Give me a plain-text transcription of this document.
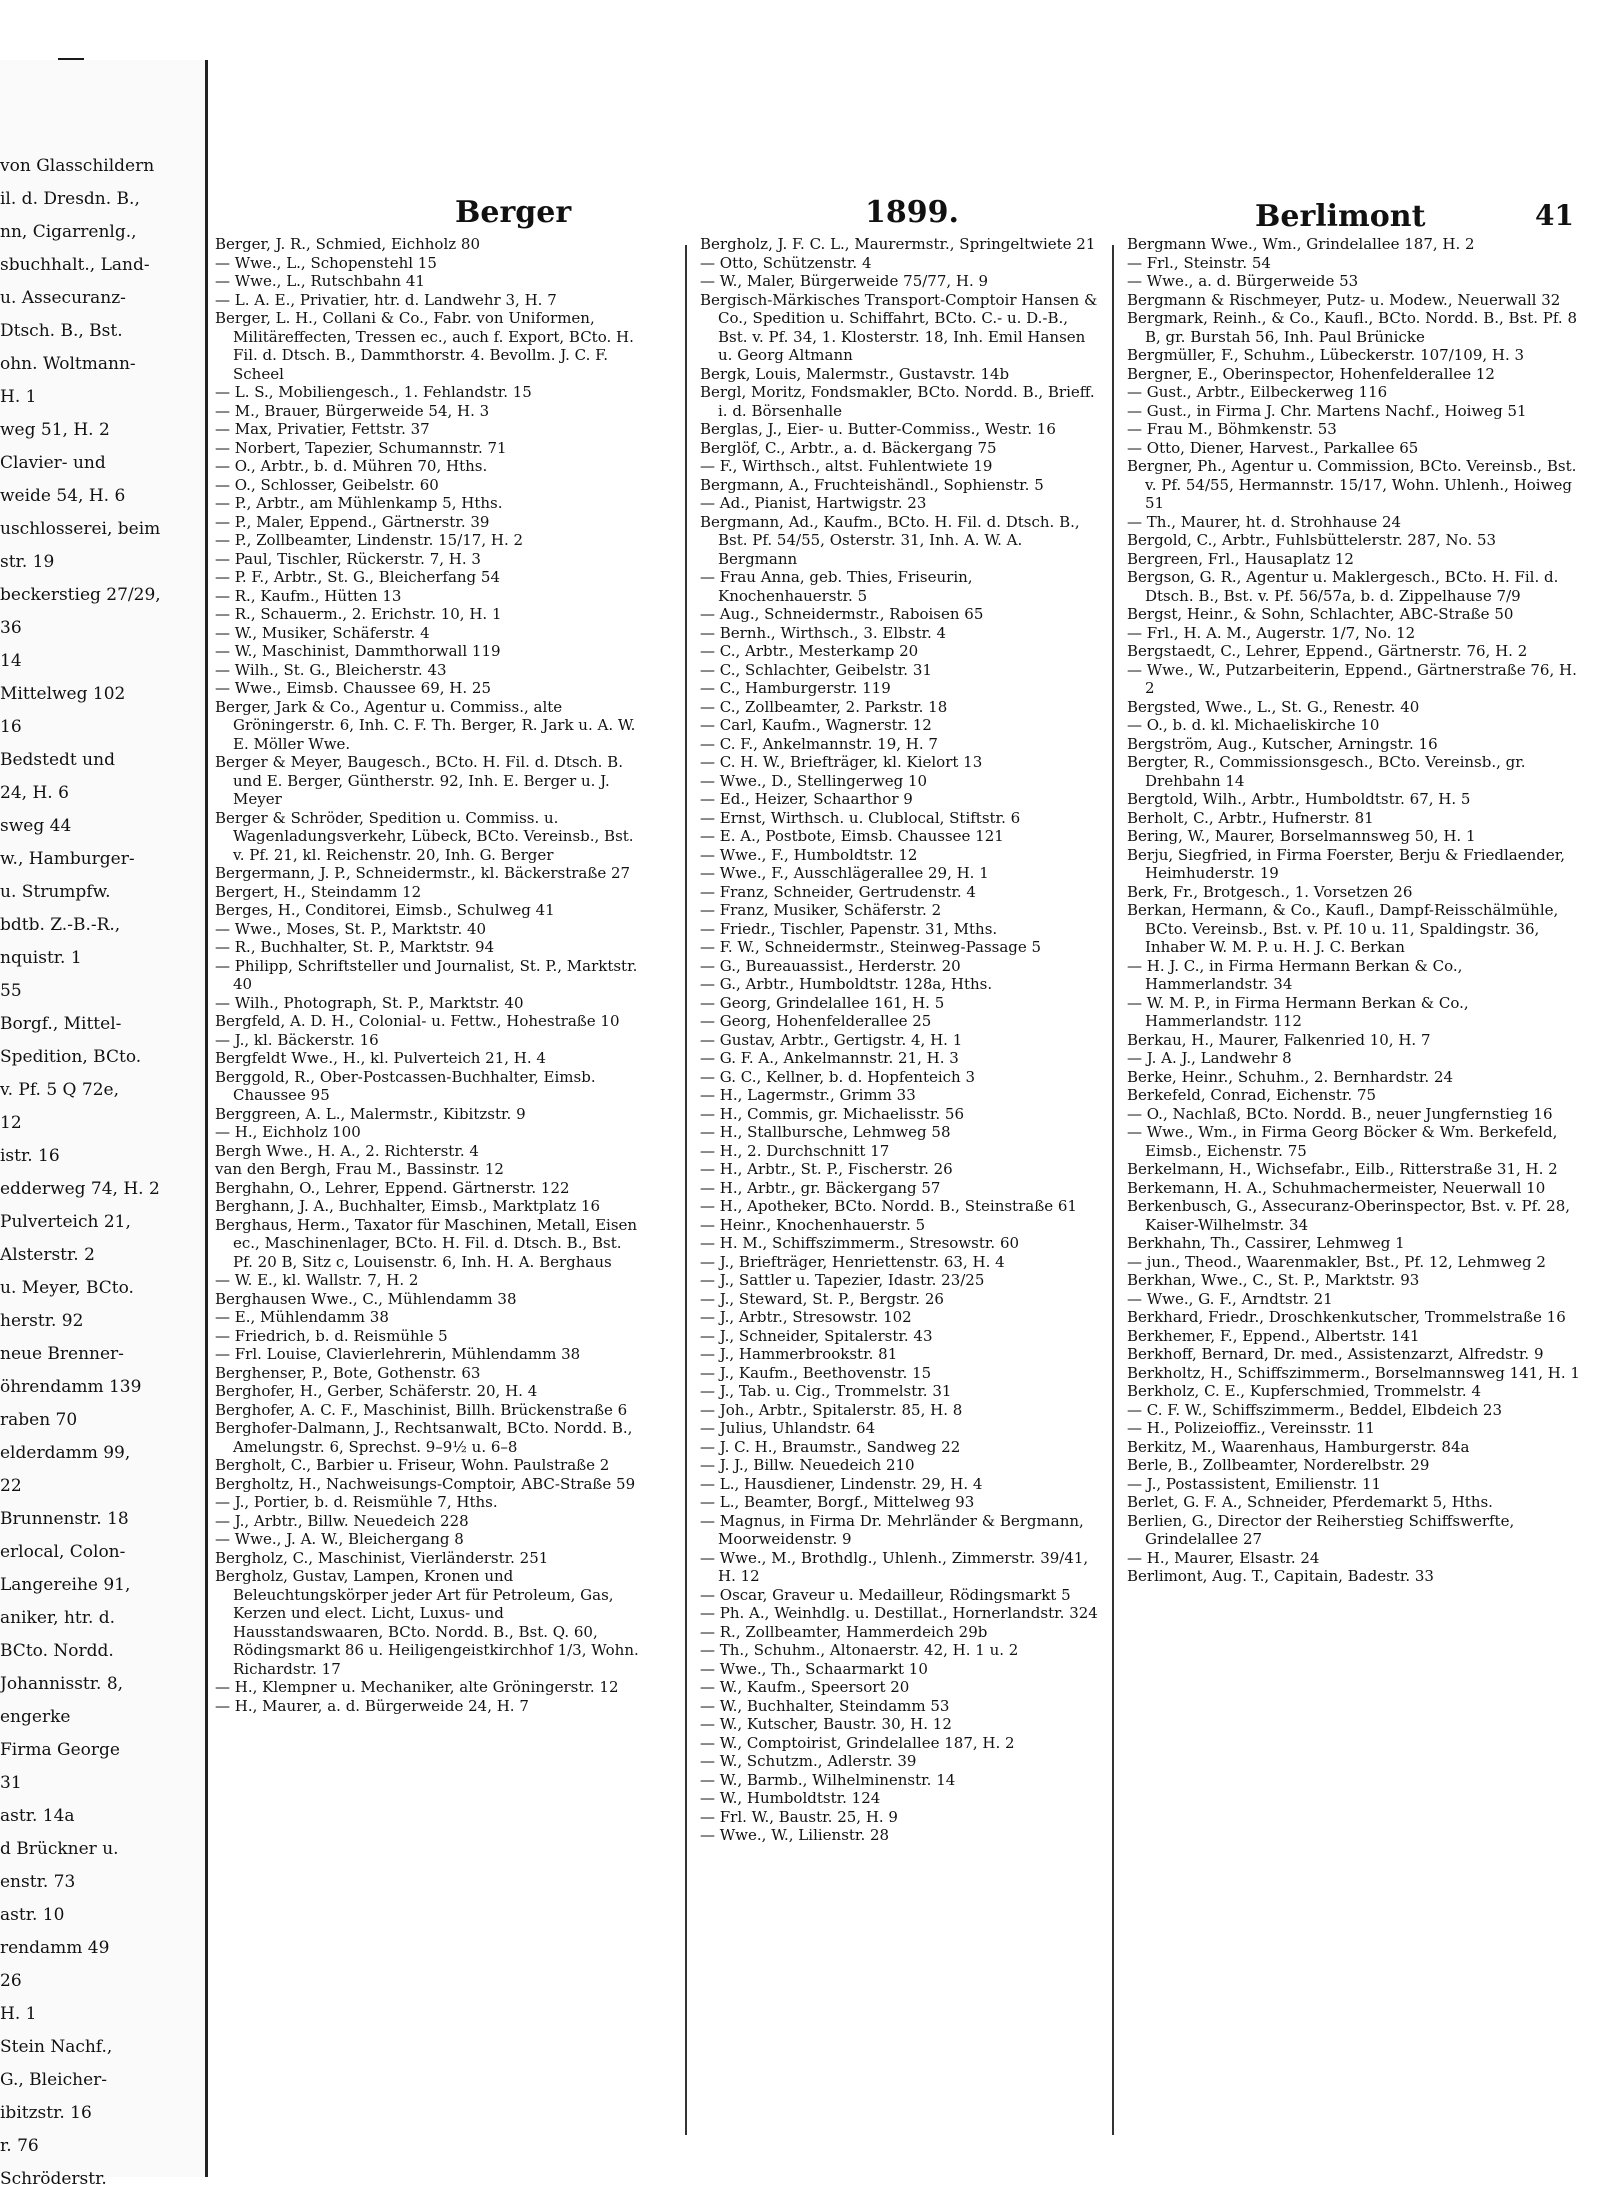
von Glasschildern
il. d. Dresdn. B.,
nn, Cigarrenlg.,
sbuchhalt., Land-
u. Assecuranz-
Dtsch. B., Bst.
ohn. Woltmann-
H. 1
weg 51, H. 2
Clavier- und
weide 54, H. 6
uschlosserei, beim
str. 19
beckerstieg 27/29,
36
14
Mittelweg 102
16
Bedstedt und
24, H. 6
sweg 44
w., Hamburger-
u. Strumpfw.
bdtb. Z.-B.-R.,
nquistr. 1
55
Borgf., Mittel-
Spedition, BCto.
v. Pf. 5 Q 72e,
12
istr. 16
edderweg 74, H. 2
Pulverteich 21,
Alsterstr. 2
u. Meyer, BCto.
herstr. 92
neue Brenner-
öhrendamm 139
raben 70
elderdamm 99,
22
Brunnenstr. 18
erlocal, Colon-
Langereihe 91,
aniker, htr. d.
BCto. Nordd.
Johannisstr. 8,
engerke
Firma George
31
astr. 14a
d Brückner u.
enstr. 73
astr. 10
rendamm 49
26
H. 1
Stein Nachf.,
G., Bleicher-
ibitzstr. 16
r. 76
Schröderstr.
Berger	1899.	Berlimont	41

Berger, J. R., Schmied, Eichholz 80

— Wwe., L., Schopenstehl 15

— Wwe., L., Rutschbahn 41

— L. A. E., Privatier, htr. d. Landwehr 3, H. 7

Berger, L. H., Collani & Co., Fabr. von Uniformen, Militäreffecten, Tressen ec., auch f. Export, BCto. H. Fil. d. Dtsch. B., Dammthorstr. 4. Bevollm. J. C. F. Scheel

— L. S., Mobiliengesch., 1. Fehlandstr. 15

— M., Brauer, Bürgerweide 54, H. 3

— Max, Privatier, Fettstr. 37

— Norbert, Tapezier, Schumannstr. 71

— O., Arbtr., b. d. Mühren 70, Hths.

— O., Schlosser, Geibelstr. 60

— P., Arbtr., am Mühlenkamp 5, Hths.

— P., Maler, Eppend., Gärtnerstr. 39

— P., Zollbeamter, Lindenstr. 15/17, H. 2

— Paul, Tischler, Rückerstr. 7, H. 3

— P. F., Arbtr., St. G., Bleicherfang 54

— R., Kaufm., Hütten 13

— R., Schauerm., 2. Erichstr. 10, H. 1

— W., Musiker, Schäferstr. 4

— W., Maschinist, Dammthorwall 119

— Wilh., St. G., Bleicherstr. 43

— Wwe., Eimsb. Chaussee 69, H. 25

Berger, Jark & Co., Agentur u. Commiss., alte Gröningerstr. 6, Inh. C. F. Th. Berger, R. Jark u. A. W. E. Möller Wwe.

Berger & Meyer, Baugesch., BCto. H. Fil. d. Dtsch. B. und E. Berger, Güntherstr. 92, Inh. E. Berger u. J. Meyer

Berger & Schröder, Spedition u. Commiss. u. Wagenladungsverkehr, Lübeck, BCto. Vereinsb., Bst. v. Pf. 21, kl. Reichenstr. 20, Inh. G. Berger

Bergermann, J. P., Schneidermstr., kl. Bäckerstraße 27

Bergert, H., Steindamm 12

Berges, H., Conditorei, Eimsb., Schulweg 41

— Wwe., Moses, St. P., Marktstr. 40

— R., Buchhalter, St. P., Marktstr. 94

— Philipp, Schriftsteller und Journalist, St. P., Marktstr. 40

— Wilh., Photograph, St. P., Marktstr. 40

Bergfeld, A. D. H., Colonial- u. Fettw., Hohestraße 10

— J., kl. Bäckerstr. 16

Bergfeldt Wwe., H., kl. Pulverteich 21, H. 4

Berggold, R., Ober-Postcassen-Buchhalter, Eimsb. Chaussee 95

Berggreen, A. L., Malermstr., Kibitzstr. 9

— H., Eichholz 100

Bergh Wwe., H. A., 2. Richterstr. 4

van den Bergh, Frau M., Bassinstr. 12

Berghahn, O., Lehrer, Eppend. Gärtnerstr. 122

Berghann, J. A., Buchhalter, Eimsb., Marktplatz 16

Berghaus, Herm., Taxator für Maschinen, Metall, Eisen ec., Maschinenlager, BCto. H. Fil. d. Dtsch. B., Bst. Pf. 20 B, Sitz c, Louisenstr. 6, Inh. H. A. Berghaus

— W. E., kl. Wallstr. 7, H. 2

Berghausen Wwe., C., Mühlendamm 38

— E., Mühlendamm 38

— Friedrich, b. d. Reismühle 5

— Frl. Louise, Clavierlehrerin, Mühlendamm 38

Berghenser, P., Bote, Gothenstr. 63

Berghofer, H., Gerber, Schäferstr. 20, H. 4

Berghofer, A. C. F., Maschinist, Billh. Brückenstraße 6

Berghofer-Dalmann, J., Rechtsanwalt, BCto. Nordd. B., Amelungstr. 6, Sprechst. 9–9½ u. 6–8

Bergholt, C., Barbier u. Friseur, Wohn. Paulstraße 2

Bergholtz, H., Nachweisungs-Comptoir, ABC-Straße 59

— J., Portier, b. d. Reismühle 7, Hths.

— J., Arbtr., Billw. Neuedeich 228

— Wwe., J. A. W., Bleichergang 8

Bergholz, C., Maschinist, Vierländerstr. 251

Bergholz, Gustav, Lampen, Kronen und Beleuchtungskörper jeder Art für Petroleum, Gas, Kerzen und elect. Licht, Luxus- und Hausstandswaaren, BCto. Nordd. B., Bst. Q. 60, Rödingsmarkt 86 u. Heiligengeistkirchhof 1/3, Wohn. Richardstr. 17

— H., Klempner u. Mechaniker, alte Gröningerstr. 12

— H., Maurer, a. d. Bürgerweide 24, H. 7

Bergholz, J. F. C. L., Maurermstr., Springeltwiete 21

— Otto, Schützenstr. 4

— W., Maler, Bürgerweide 75/77, H. 9

Bergisch-Märkisches Transport-Comptoir Hansen & Co., Spedition u. Schiffahrt, BCto. C.- u. D.-B., Bst. v. Pf. 34, 1. Klosterstr. 18, Inh. Emil Hansen u. Georg Altmann

Bergk, Louis, Malermstr., Gustavstr. 14b

Bergl, Moritz, Fondsmakler, BCto. Nordd. B., Brieff. i. d. Börsenhalle

Berglas, J., Eier- u. Butter-Commiss., Westr. 16

Berglöf, C., Arbtr., a. d. Bäckergang 75

— F., Wirthsch., altst. Fuhlentwiete 19

Bergmann, A., Fruchteishändl., Sophienstr. 5

— Ad., Pianist, Hartwigstr. 23

Bergmann, Ad., Kaufm., BCto. H. Fil. d. Dtsch. B., Bst. Pf. 54/55, Osterstr. 31, Inh. A. W. A. Bergmann

— Frau Anna, geb. Thies, Friseurin, Knochenhauerstr. 5

— Aug., Schneidermstr., Raboisen 65

— Bernh., Wirthsch., 3. Elbstr. 4

— C., Arbtr., Mesterkamp 20

— C., Schlachter, Geibelstr. 31

— C., Hamburgerstr. 119

— C., Zollbeamter, 2. Parkstr. 18

— Carl, Kaufm., Wagnerstr. 12

— C. F., Ankelmannstr. 19, H. 7

— C. H. W., Briefträger, kl. Kielort 13

— Wwe., D., Stellingerweg 10

— Ed., Heizer, Schaarthor 9

— Ernst, Wirthsch. u. Clublocal, Stiftstr. 6

— E. A., Postbote, Eimsb. Chaussee 121

— Wwe., F., Humboldtstr. 12

— Wwe., F., Ausschlägerallee 29, H. 1

— Franz, Schneider, Gertrudenstr. 4

— Franz, Musiker, Schäferstr. 2

— Friedr., Tischler, Papenstr. 31, Mths.

— F. W., Schneidermstr., Steinweg-Passage 5

— G., Bureauassist., Herderstr. 20

— G., Arbtr., Humboldtstr. 128a, Hths.

— Georg, Grindelallee 161, H. 5

— Georg, Hohenfelderallee 25

— Gustav, Arbtr., Gertigstr. 4, H. 1

— G. F. A., Ankelmannstr. 21, H. 3

— G. C., Kellner, b. d. Hopfenteich 3

— H., Lagermstr., Grimm 33

— H., Commis, gr. Michaelisstr. 56

— H., Stallbursche, Lehmweg 58

— H., 2. Durchschnitt 17

— H., Arbtr., St. P., Fischerstr. 26

— H., Arbtr., gr. Bäckergang 57

— H., Apotheker, BCto. Nordd. B., Steinstraße 61

— Heinr., Knochenhauerstr. 5

— H. M., Schiffszimmerm., Stresowstr. 60

— J., Briefträger, Henriettenstr. 63, H. 4

— J., Sattler u. Tapezier, Idastr. 23/25

— J., Steward, St. P., Bergstr. 26

— J., Arbtr., Stresowstr. 102

— J., Schneider, Spitalerstr. 43

— J., Hammerbrookstr. 81

— J., Kaufm., Beethovenstr. 15

— J., Tab. u. Cig., Trommelstr. 31

— Joh., Arbtr., Spitalerstr. 85, H. 8

— Julius, Uhlandstr. 64

— J. C. H., Braumstr., Sandweg 22

— J. J., Billw. Neuedeich 210

— L., Hausdiener, Lindenstr. 29, H. 4

— L., Beamter, Borgf., Mittelweg 93

— Magnus, in Firma Dr. Mehrländer & Bergmann, Moorweidenstr. 9

— Wwe., M., Brothdlg., Uhlenh., Zimmerstr. 39/41, H. 12

— Oscar, Graveur u. Medailleur, Rödingsmarkt 5

— Ph. A., Weinhdlg. u. Destillat., Hornerlandstr. 324

— R., Zollbeamter, Hammerdeich 29b

— Th., Schuhm., Altonaerstr. 42, H. 1 u. 2

— Wwe., Th., Schaarmarkt 10

— W., Kaufm., Speersort 20

— W., Buchhalter, Steindamm 53

— W., Kutscher, Baustr. 30, H. 12

— W., Comptoirist, Grindelallee 187, H. 2

— W., Schutzm., Adlerstr. 39

— W., Barmb., Wilhelminenstr. 14

— W., Humboldtstr. 124

— Frl. W., Baustr. 25, H. 9

— Wwe., W., Lilienstr. 28

Bergmann Wwe., Wm., Grindelallee 187, H. 2

— Frl., Steinstr. 54

— Wwe., a. d. Bürgerweide 53

Bergmann & Rischmeyer, Putz- u. Modew., Neuerwall 32

Bergmark, Reinh., & Co., Kaufl., BCto. Nordd. B., Bst. Pf. 8 B, gr. Burstah 56, Inh. Paul Brünicke

Bergmüller, F., Schuhm., Lübeckerstr. 107/109, H. 3

Bergner, E., Oberinspector, Hohenfelderallee 12

— Gust., Arbtr., Eilbeckerweg 116

— Gust., in Firma J. Chr. Martens Nachf., Hoiweg 51

— Frau M., Böhmkenstr. 53

— Otto, Diener, Harvest., Parkallee 65

Bergner, Ph., Agentur u. Commission, BCto. Vereinsb., Bst. v. Pf. 54/55, Hermannstr. 15/17, Wohn. Uhlenh., Hoiweg 51

— Th., Maurer, ht. d. Strohhause 24

Bergold, C., Arbtr., Fuhlsbüttelerstr. 287, No. 53

Bergreen, Frl., Hausaplatz 12

Bergson, G. R., Agentur u. Maklergesch., BCto. H. Fil. d. Dtsch. B., Bst. v. Pf. 56/57a, b. d. Zippelhause 7/9

Bergst, Heinr., & Sohn, Schlachter, ABC-Straße 50

— Frl., H. A. M., Augerstr. 1/7, No. 12

Bergstaedt, C., Lehrer, Eppend., Gärtnerstr. 76, H. 2

— Wwe., W., Putzarbeiterin, Eppend., Gärtnerstraße 76, H. 2

Bergsted, Wwe., L., St. G., Renestr. 40

— O., b. d. kl. Michaeliskirche 10

Bergström, Aug., Kutscher, Arningstr. 16

Bergter, R., Commissionsgesch., BCto. Vereinsb., gr. Drehbahn 14

Bergtold, Wilh., Arbtr., Humboldtstr. 67, H. 5

Berholt, C., Arbtr., Hufnerstr. 81

Bering, W., Maurer, Borselmannsweg 50, H. 1

Berju, Siegfried, in Firma Foerster, Berju & Friedlaender, Heimhuderstr. 19

Berk, Fr., Brotgesch., 1. Vorsetzen 26

Berkan, Hermann, & Co., Kaufl., Dampf-Reisschälmühle, BCto. Vereinsb., Bst. v. Pf. 10 u. 11, Spaldingstr. 36, Inhaber W. M. P. u. H. J. C. Berkan

— H. J. C., in Firma Hermann Berkan & Co., Hammerlandstr. 34

— W. M. P., in Firma Hermann Berkan & Co., Hammerlandstr. 112

Berkau, H., Maurer, Falkenried 10, H. 7

— J. A. J., Landwehr 8

Berke, Heinr., Schuhm., 2. Bernhardstr. 24

Berkefeld, Conrad, Eichenstr. 75

— O., Nachlaß, BCto. Nordd. B., neuer Jungfernstieg 16

— Wwe., Wm., in Firma Georg Böcker & Wm. Berkefeld, Eimsb., Eichenstr. 75

Berkelmann, H., Wichsefabr., Eilb., Ritterstraße 31, H. 2

Berkemann, H. A., Schuhmachermeister, Neuerwall 10

Berkenbusch, G., Assecuranz-Oberinspector, Bst. v. Pf. 28, Kaiser-Wilhelmstr. 34

Berkhahn, Th., Cassirer, Lehmweg 1

— jun., Theod., Waarenmakler, Bst., Pf. 12, Lehmweg 2

Berkhan, Wwe., C., St. P., Marktstr. 93

— Wwe., G. F., Arndtstr. 21

Berkhard, Friedr., Droschkenkutscher, Trommelstraße 16

Berkhemer, F., Eppend., Albertstr. 141

Berkhoff, Bernard, Dr. med., Assistenzarzt, Alfredstr. 9

Berkholtz, H., Schiffszimmerm., Borselmannsweg 141, H. 1

Berkholz, C. E., Kupferschmied, Trommelstr. 4

— C. F. W., Schiffszimmerm., Beddel, Elbdeich 23

— H., Polizeioffiz., Vereinsstr. 11

Berkitz, M., Waarenhaus, Hamburgerstr. 84a

Berle, B., Zollbeamter, Norderelbstr. 29

— J., Postassistent, Emilienstr. 11

Berlet, G. F. A., Schneider, Pferdemarkt 5, Hths.

Berlien, G., Director der Reiherstieg Schiffswerfte, Grindelallee 27

— H., Maurer, Elsastr. 24

Berlimont, Aug. T., Capitain, Badestr. 33
